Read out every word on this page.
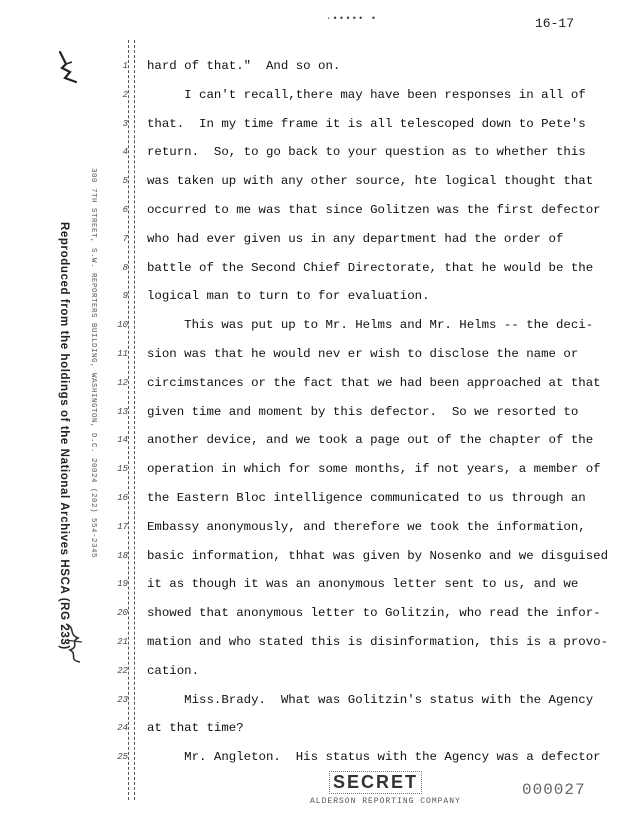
·••••• •	16-17
Reproduced from the holdings of the National Archives HSCA (RG 233)	300 7TH STREET, S.W. REPORTERS BUILDING, WASHINGTON, D.C. 20024 (202) 554-2345
1 hard of that."  And so on.
2 I can't recall,there may have been responses in all of
3 that.  In my time frame it is all telescoped down to Pete's
4 return.  So, to go back to your question as to whether this
5 was taken up with any other source, hte logical thought that
6 occurred to me was that since Golitzen was the first defector
7 who had ever given us in any department had the order of
8 battle of the Second Chief Directorate, that he would be the
9 logical man to turn to for evaluation.
10 This was put up to Mr. Helms and Mr. Helms -- the deci-
11 sion was that he would nev er wish to disclose the name or
12 circimstances or the fact that we had been approached at that
13 given time and moment by this defector.  So we resorted to
14 another device, and we took a page out of the chapter of the
15 operation in which for some months, if not years, a member of
16 the Eastern Bloc intelligence communicated to us through an
17 Embassy anonymously, and therefore we took the information,
18 basic information, thhat was given by Nosenko and we disguised
19 it as though it was an anonymous letter sent to us, and we
20 showed that anonymous letter to Golitzin, who read the infor-
21 mation and who stated this is disinformation, this is a provo-
22 cation.
23 Miss.Brady.  What was Golitzin's status with the Agency
24 at that time?
25 Mr. Angleton.  His status with the Agency was a defector
SECRET
ALDERSON REPORTING COMPANY
000027
